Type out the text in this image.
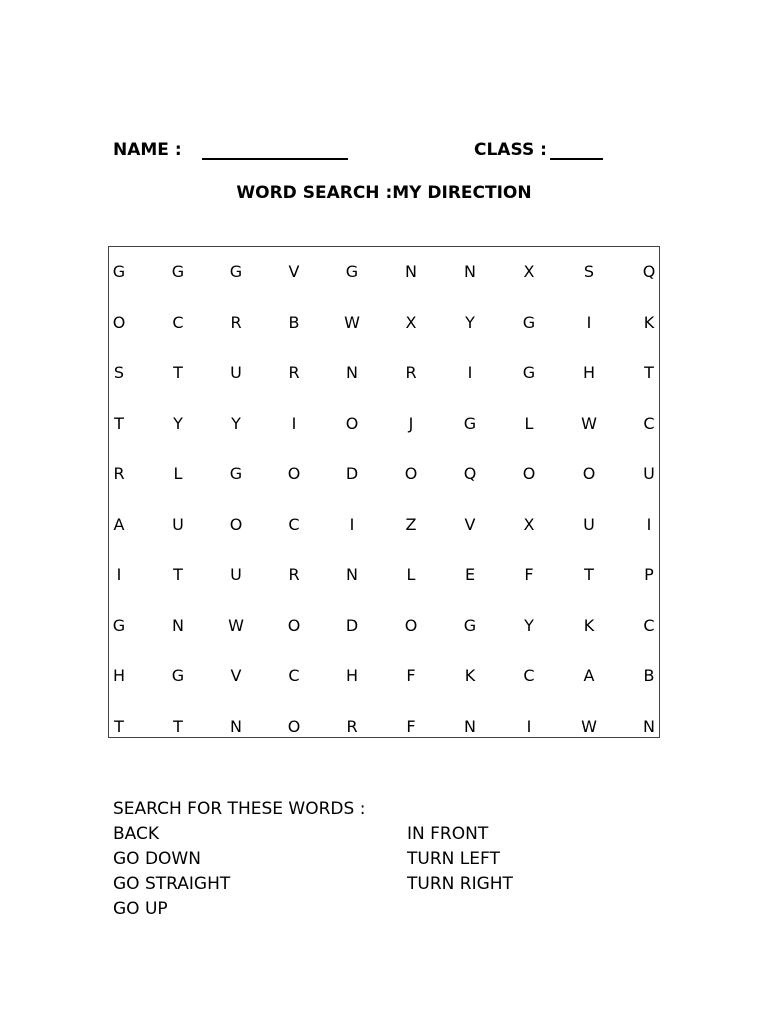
NAME :	CLASS :
WORD SEARCH :MY DIRECTION
G	G	G	V	G	N	N	X	S	Q
O	C	R	B	W	X	Y	G	I	K
S	T	U	R	N	R	I	G	H	T
T	Y	Y	I	O	J	G	L	W	C
R	L	G	O	D	O	Q	O	O	U
A	U	O	C	I	Z	V	X	U	I
I	T	U	R	N	L	E	F	T	P
G	N	W	O	D	O	G	Y	K	C
H	G	V	C	H	F	K	C	A	B
T	T	N	O	R	F	N	I	W	N
SEARCH FOR THESE WORDS :
BACK
GO DOWN
GO STRAIGHT
GO UP
IN FRONT
TURN LEFT
TURN RIGHT
